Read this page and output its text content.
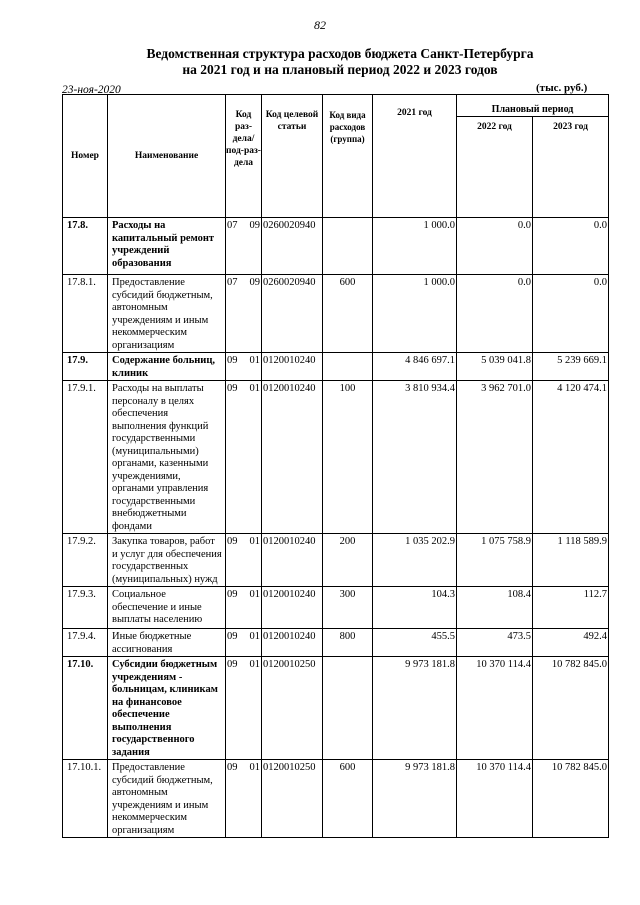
82
Ведомственная структура расходов бюджета Санкт-Петербурга
на 2021 год и на плановый период 2022 и 2023 годов
23-ноя-2020	(тыс. руб.)
Номер	Наименование	Код раз-дела/ под-раз-дела	Код целевой статьи	Код вида расходов (группа)	2021 год	Плановый период	
						2022 год	2023 год
17.8.	Расходы на капитальный ремонт учреждений образования	07 09	0260020940		1 000.0	0.0	0.0
17.8.1.	Предоставление субсидий бюджетным, автономным учреждениям и иным некоммерческим организациям	07 09	0260020940	600	1 000.0	0.0	0.0
17.9.	Содержание больниц, клиник	09 01	0120010240		4 846 697.1	5 039 041.8	5 239 669.1
17.9.1.	Расходы на выплаты персоналу в целях обеспечения выполнения функций государственными (муниципальными) органами, казенными учреждениями, органами управления государственными внебюджетными фондами	09 01	0120010240	100	3 810 934.4	3 962 701.0	4 120 474.1
17.9.2.	Закупка товаров, работ и услуг для обеспечения государственных (муниципальных) нужд	09 01	0120010240	200	1 035 202.9	1 075 758.9	1 118 589.9
17.9.3.	Социальное обеспечение и иные выплаты населению	09 01	0120010240	300	104.3	108.4	112.7
17.9.4.	Иные бюджетные ассигнования	09 01	0120010240	800	455.5	473.5	492.4
17.10.	Субсидии бюджетным учреждениям - больницам, клиникам на финансовое обеспечение выполнения государственного задания	09 01	0120010250		9 973 181.8	10 370 114.4	10 782 845.0
17.10.1.	Предоставление субсидий бюджетным, автономным учреждениям и иным некоммерческим организациям	09 01	0120010250	600	9 973 181.8	10 370 114.4	10 782 845.0
